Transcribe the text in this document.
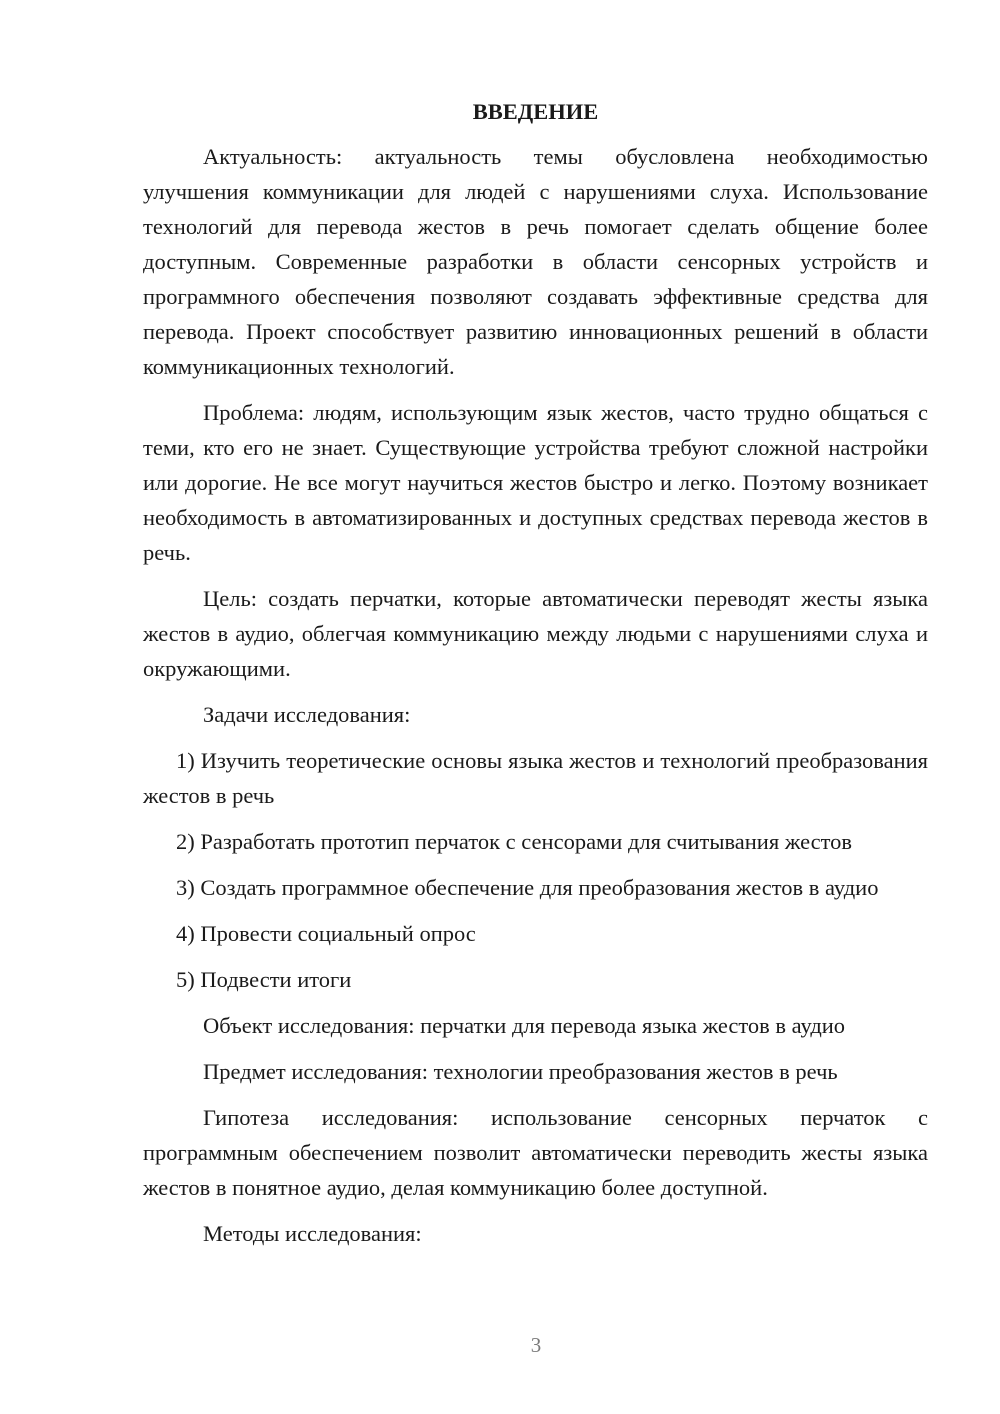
ВВЕДЕНИЕ

Актуальность: актуальность темы обусловлена необходимостью улучшения коммуникации для людей с нарушениями слуха. Использование технологий для перевода жестов в речь помогает сделать общение более доступным. Современные разработки в области сенсорных устройств и программного обеспечения позволяют создавать эффективные средства для перевода. Проект способствует развитию инновационных решений в области коммуникационных технологий.

Проблема: людям, использующим язык жестов, часто трудно общаться с теми, кто его не знает. Существующие устройства требуют сложной настройки или дорогие. Не все могут научиться жестов быстро и легко. Поэтому возникает необходимость в автоматизированных и доступных средствах перевода жестов в речь.

Цель: создать перчатки, которые автоматически переводят жесты языка жестов в аудио, облегчая коммуникацию между людьми с нарушениями слуха и окружающими.

Задачи исследования:

1) Изучить теоретические основы языка жестов и технологий преобразования жестов в речь

2) Разработать прототип перчаток с сенсорами для считывания жестов

3) Создать программное обеспечение для преобразования жестов в аудио

4) Провести социальный опрос

5) Подвести итоги

Объект исследования: перчатки для перевода языка жестов в аудио

Предмет исследования: технологии преобразования жестов в речь

Гипотеза исследования: использование сенсорных перчаток с программным обеспечением позволит автоматически переводить жесты языка жестов в понятное аудио, делая коммуникацию более доступной.

Методы исследования:

3
